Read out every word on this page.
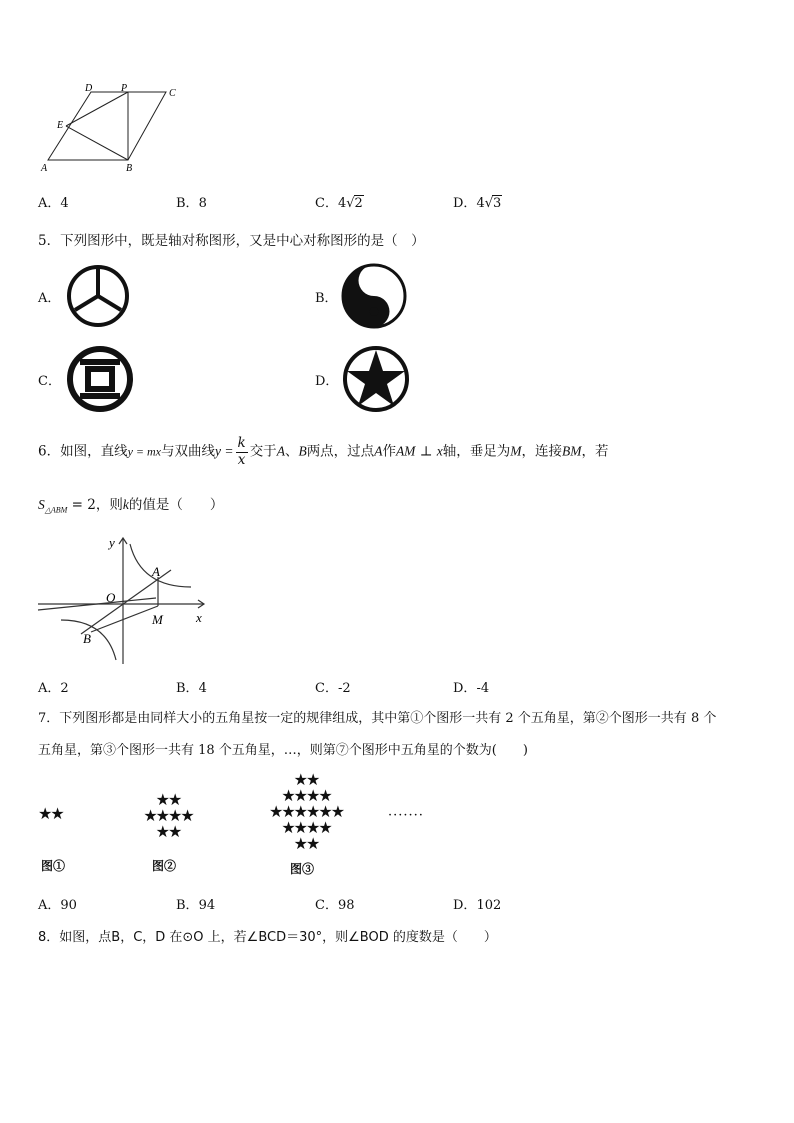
D	P	C
E
A	B
A．4	B．8	C．4√2	D．4√3
5．下列图形中，既是轴对称图形，又是中心对称图形的是（　）
A．	B．
C．	D．
6．如图，直线y = mx与双曲线$y = \frac{k}{x}$ 交于A、B两点，过点A作AM ⊥ x轴，垂足为M，连接BM，若
$S_{\triangle ABM} = 2$，则k的值是（　　）
y
A
O
x
M
B
A．2	B．4	C．-2	D．-4
7．下列图形都是由同样大小的五角星按一定的规律组成，其中第①个图形一共有 2 个五角星，第②个图形一共有 8 个
五角星，第③个图形一共有 18 个五角星，…，则第⑦个图形中五角星的个数为(　　)
★★
图①
★★
★★★★
★★
图②
★★
★★★★
★★★★★★
★★★★
★★
图③
·······
A．90	B．94	C．98	D．102
8．如图，点B，C，D 在⊙O 上，若∠BCD＝30°，则∠BOD 的度数是（　　）
